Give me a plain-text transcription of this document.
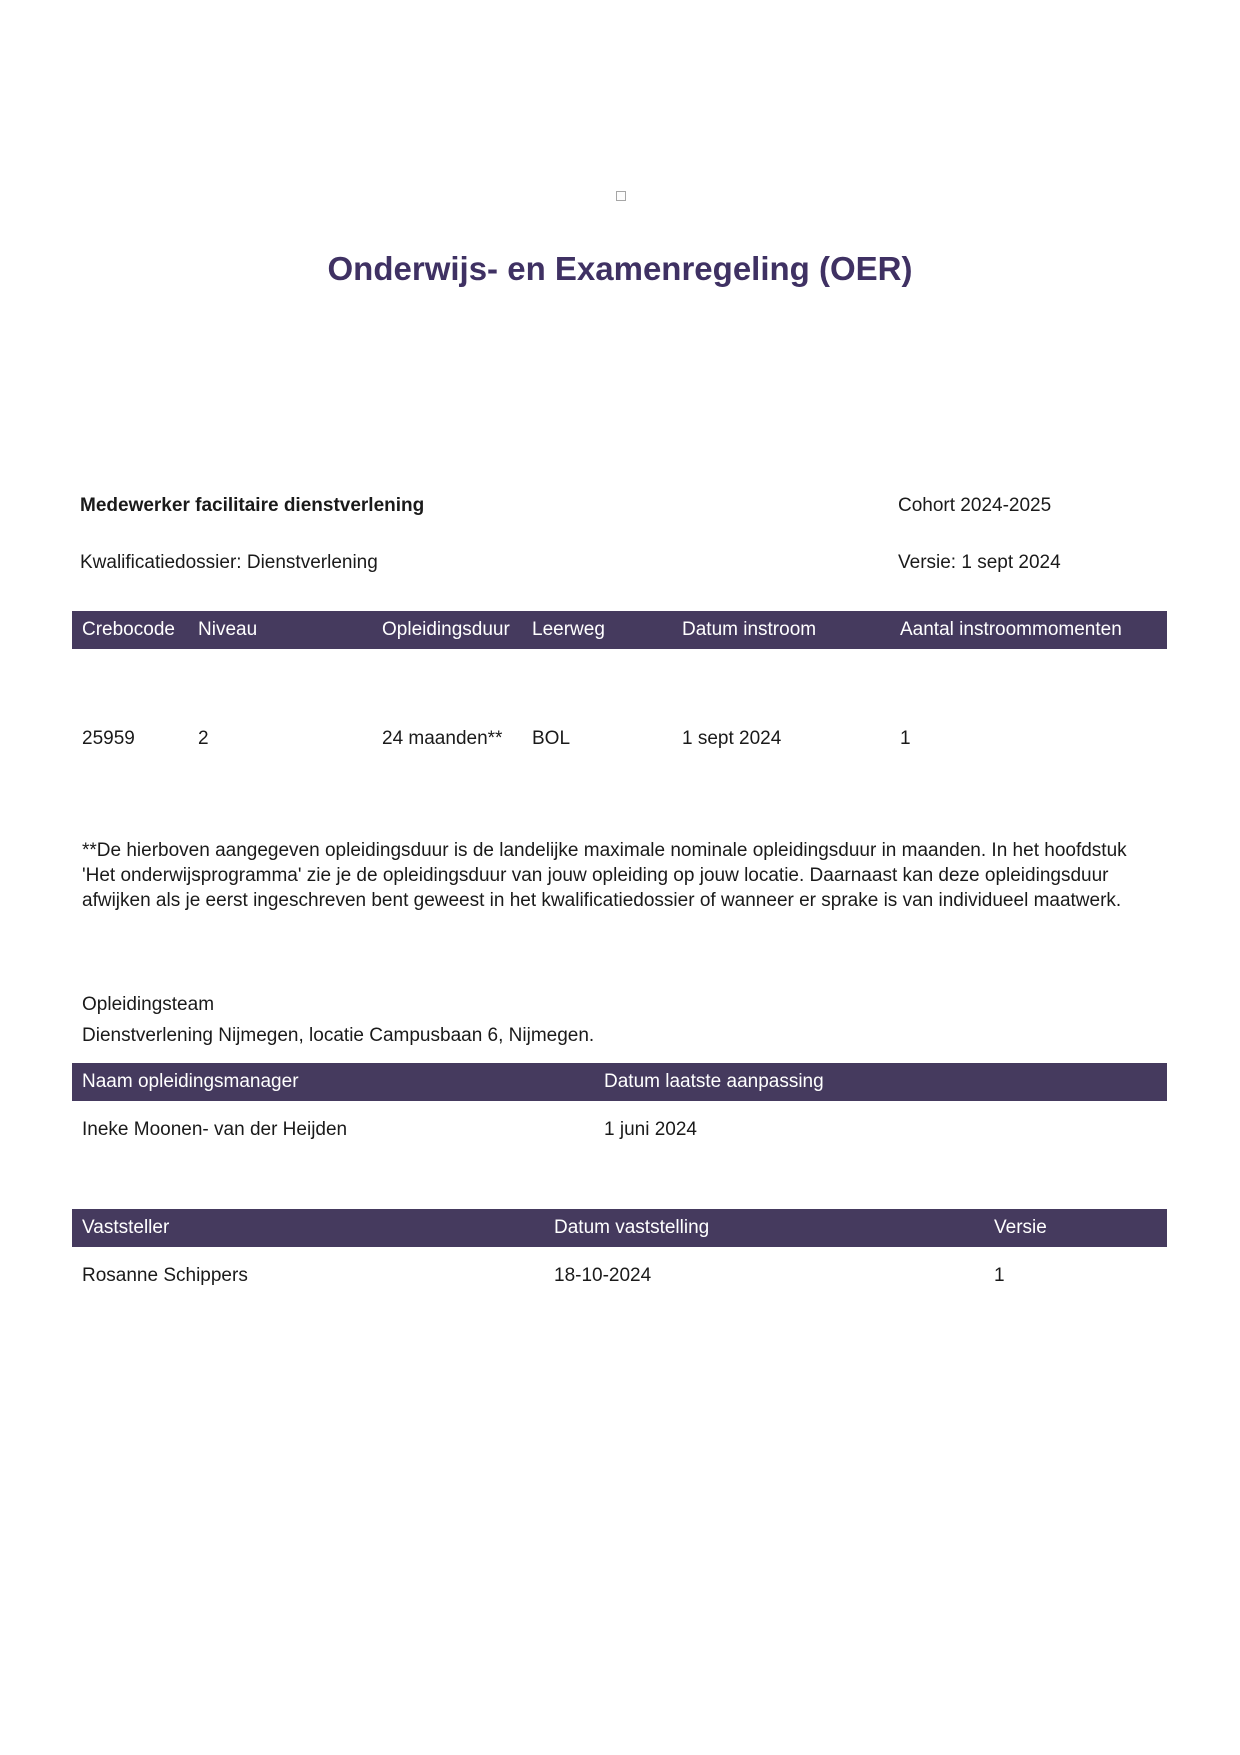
Onderwijs- en Examenregeling (OER)
Medewerker facilitaire dienstverlening	Cohort 2024-2025
Kwalificatiedossier: Dienstverlening	Versie: 1 sept 2024
Crebocode	Niveau	Opleidingsduur	Leerweg	Datum instroom	Aantal instroommomenten
25959	2	24 maanden**	BOL	1 sept 2024	1
**De hierboven aangegeven opleidingsduur is de landelijke maximale nominale opleidingsduur in maanden. In het hoofdstuk 'Het onderwijsprogramma' zie je de opleidingsduur van jouw opleiding op jouw locatie. Daarnaast kan deze opleidingsduur afwijken als je eerst ingeschreven bent geweest in het kwalificatiedossier of wanneer er sprake is van individueel maatwerk.
Opleidingsteam
Dienstverlening Nijmegen, locatie Campusbaan 6, Nijmegen.
Naam opleidingsmanager	Datum laatste aanpassing
Ineke Moonen- van der Heijden	1 juni 2024
Vaststeller	Datum vaststelling	Versie
Rosanne Schippers	18-10-2024	1
